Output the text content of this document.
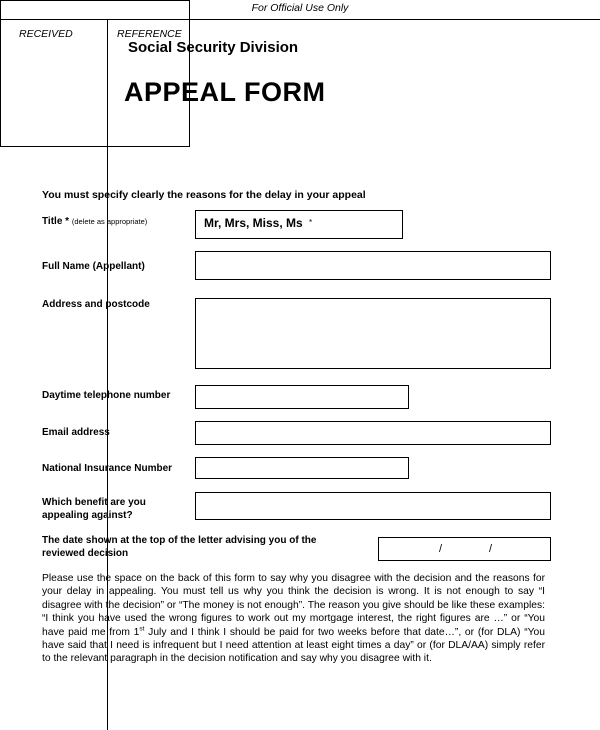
Social Security Division
APPEAL FORM
For Official Use Only
RECEIVED	REFERENCE
You must specify clearly the reasons for the delay in your appeal
Title * (delete as appropriate)	Mr, Mrs, Miss, Ms *
Full Name (Appellant)
Address and postcode
Daytime telephone number
Email address
National Insurance Number
Which benefit are you
appealing against?
The date shown at the top of the letter advising you of the
reviewed decision	/	/
Please use the space on the back of this form to say why you disagree with the decision and the reasons for your delay in appealing. You must tell us why you think the decision is wrong. It is not enough to say “I disagree with the decision” or “The money is not enough”. The reason you give should be like these examples: “I think you have used the wrong figures to work out my mortgage interest, the right figures are …” or “You have paid me from 1st July and I think I should be paid for two weeks before that date…”, or (for DLA) “You have said that I need is infrequent but I need attention at least eight times a day” or (for DLA/AA) simply refer to the relevant paragraph in the decision notification and say why you disagree with it.
